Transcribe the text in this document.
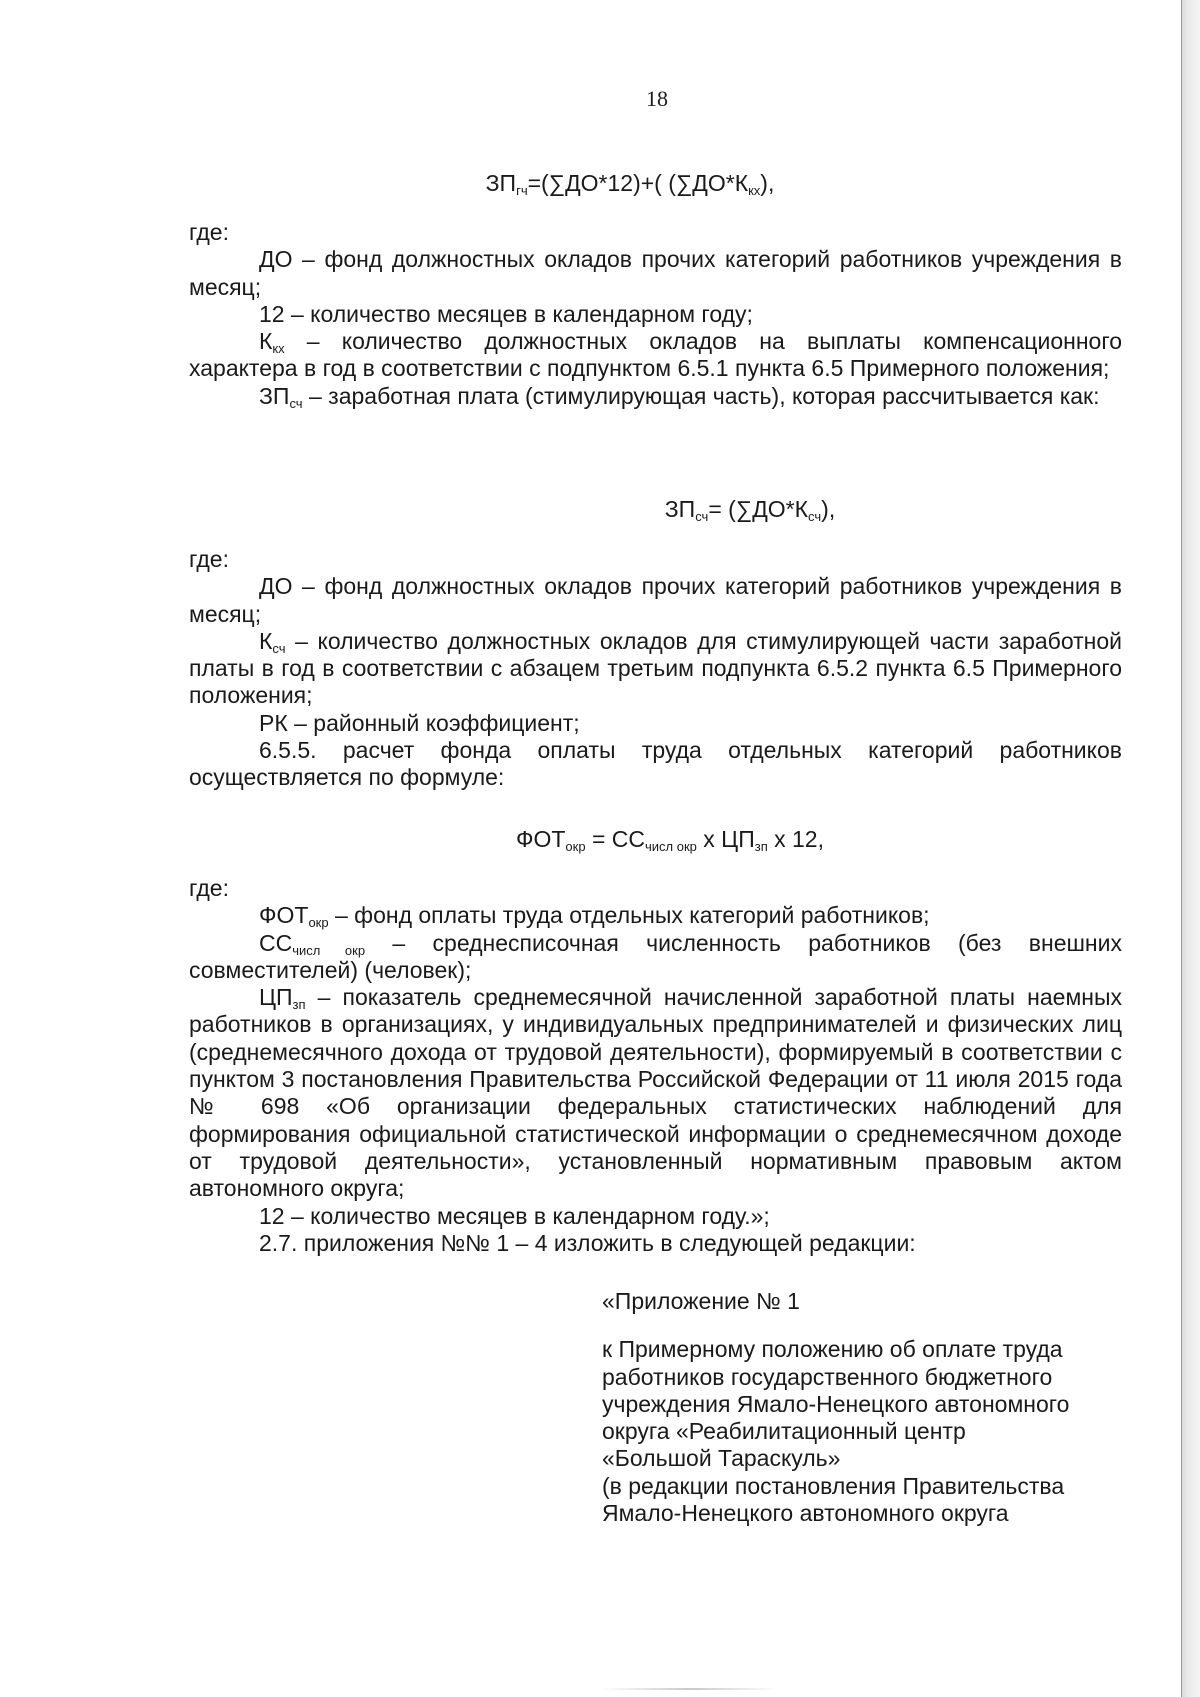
18
$ЗП_{гч}=(\sum ДО*12)+$( $(\sum ДО*К_{кх})$,

где:

ДО – фонд должностных окладов прочих категорий работников учреждения в месяц;

12 – количество месяцев в календарном году;

$К_{кх}$ – количество должностных окладов на выплаты компенсационного характера в год в соответствии с подпунктом 6.5.1 пункта 6.5 Примерного положения;

$ЗП_{сч}$ – заработная плата (стимулирующая часть), которая рассчитывается как:

$ЗП_{сч}= (\sum ДО*К_{сч})$,

где:

ДО – фонд должностных окладов прочих категорий работников учреждения в месяц;

$К_{сч}$ – количество должностных окладов для стимулирующей части заработной платы в год в соответствии с абзацем третьим подпункта 6.5.2 пункта 6.5 Примерного положения;

РК – районный коэффициент;

6.5.5. расчет фонда оплаты труда отдельных категорий работников осуществляется по формуле:

$ФОТ_{окр} = СС_{числ окр}$ х $ЦП_{зп}$ х 12,

где:

$ФОТ_{окр}$ – фонд оплаты труда отдельных категорий работников;

$СС_{числ окр}$ – среднесписочная численность работников (без внешних совместителей) (человек);

$ЦП_{зп}$ – показатель среднемесячной начисленной заработной платы наемных работников в организациях, у индивидуальных предпринимателей и физических лиц (среднемесячного дохода от трудовой деятельности), формируемый в соответствии с пунктом 3 постановления Правительства Российской Федерации от 11 июля 2015 года № 698 «Об организации федеральных статистических наблюдений для формирования официальной статистической информации о среднемесячном доходе от трудовой деятельности», установленный нормативным правовым актом автономного округа;

12 – количество месяцев в календарном году.»;

2.7. приложения №№ 1 – 4 изложить в следующей редакции:

«Приложение № 1

к Примерному положению об оплате труда
работников государственного бюджетного
учреждения Ямало-Ненецкого автономного
округа «Реабилитационный центр
«Большой Тараскуль»
(в редакции постановления Правительства
Ямало-Ненецкого автономного округа
